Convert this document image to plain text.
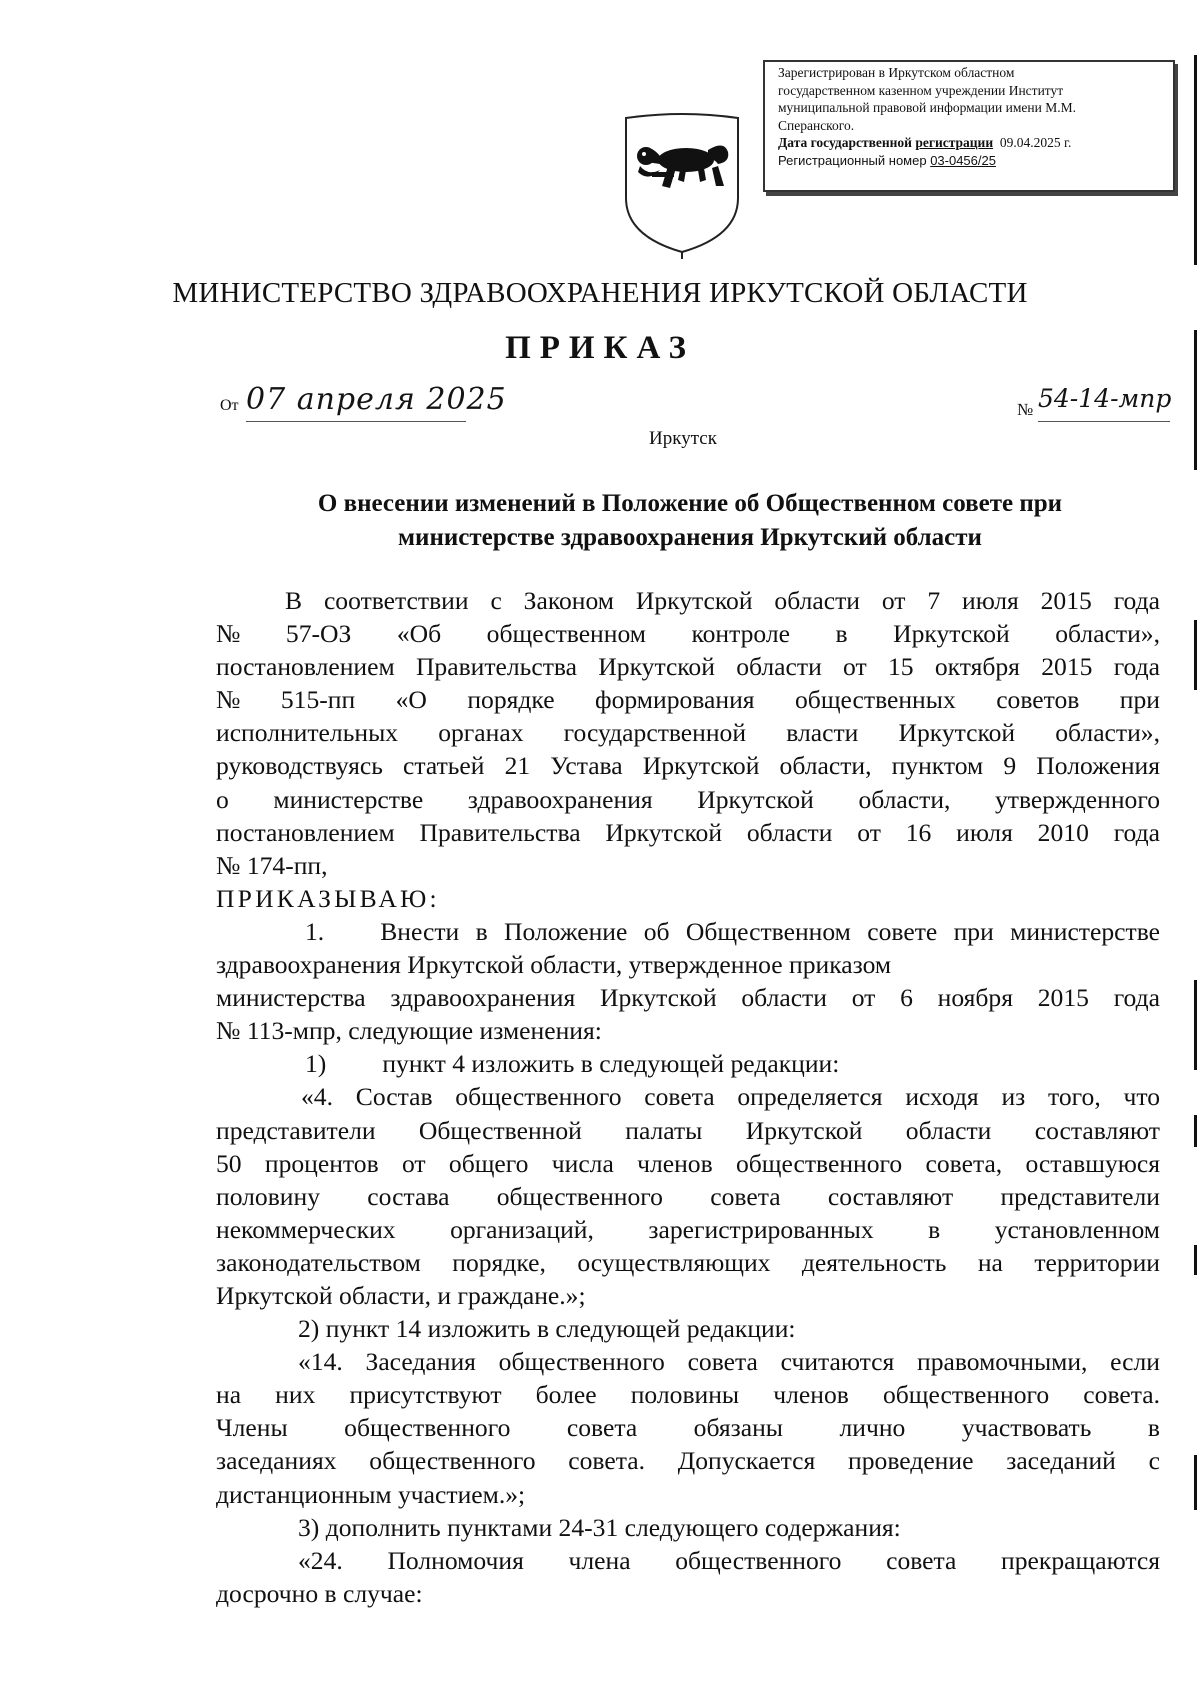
Зарегистрирован в Иркутском областном
государственном казенном учреждении Институт
муниципальной правовой информации имени М.М.
Сперанского.
Дата государственной регистрации 09.04.2025 г.
Регистрационный номер 03-0456/25
МИНИСТЕРСТВО ЗДРАВООХРАНЕНИЯ ИРКУТСКОЙ ОБЛАСТИ
ПРИКАЗ
От 07 апреля 2025	№ 54-14-мпр
Иркутск
О внесении изменений в Положение об Общественном совете при
министерстве здравоохранения Иркутский области
В соответствии с Законом Иркутской области от 7 июля 2015 года
№ 57-ОЗ «Об общественном контроле в Иркутской области»,
постановлением Правительства Иркутской области от 15 октября 2015 года
№ 515-пп «О порядке формирования общественных советов при
исполнительных органах государственной власти Иркутской области»,
руководствуясь статьей 21 Устава Иркутской области, пунктом 9 Положения
о министерстве здравоохранения Иркутской области, утвержденного
постановлением Правительства Иркутской области от 16 июля 2010 года
№ 174-пп,
ПРИКАЗЫВАЮ:
1. Внести в Положение об Общественном совете при министерстве
здравоохранения Иркутской области, утвержденное приказом
министерства здравоохранения Иркутской области от 6 ноября 2015 года
№ 113-мпр, следующие изменения:
1) пункт 4 изложить в следующей редакции:
«4. Состав общественного совета определяется исходя из того, что
представители Общественной палаты Иркутской области составляют
50 процентов от общего числа членов общественного совета, оставшуюся
половину состава общественного совета составляют представители
некоммерческих организаций, зарегистрированных в установленном
законодательством порядке, осуществляющих деятельность на территории
Иркутской области, и граждане.»;
2) пункт 14 изложить в следующей редакции:
«14. Заседания общественного совета считаются правомочными, если
на них присутствуют более половины членов общественного совета.
Члены общественного совета обязаны лично участвовать в
заседаниях общественного совета. Допускается проведение заседаний с
дистанционным участием.»;
3) дополнить пунктами 24-31 следующего содержания:
«24. Полномочия члена общественного совета прекращаются
досрочно в случае:
